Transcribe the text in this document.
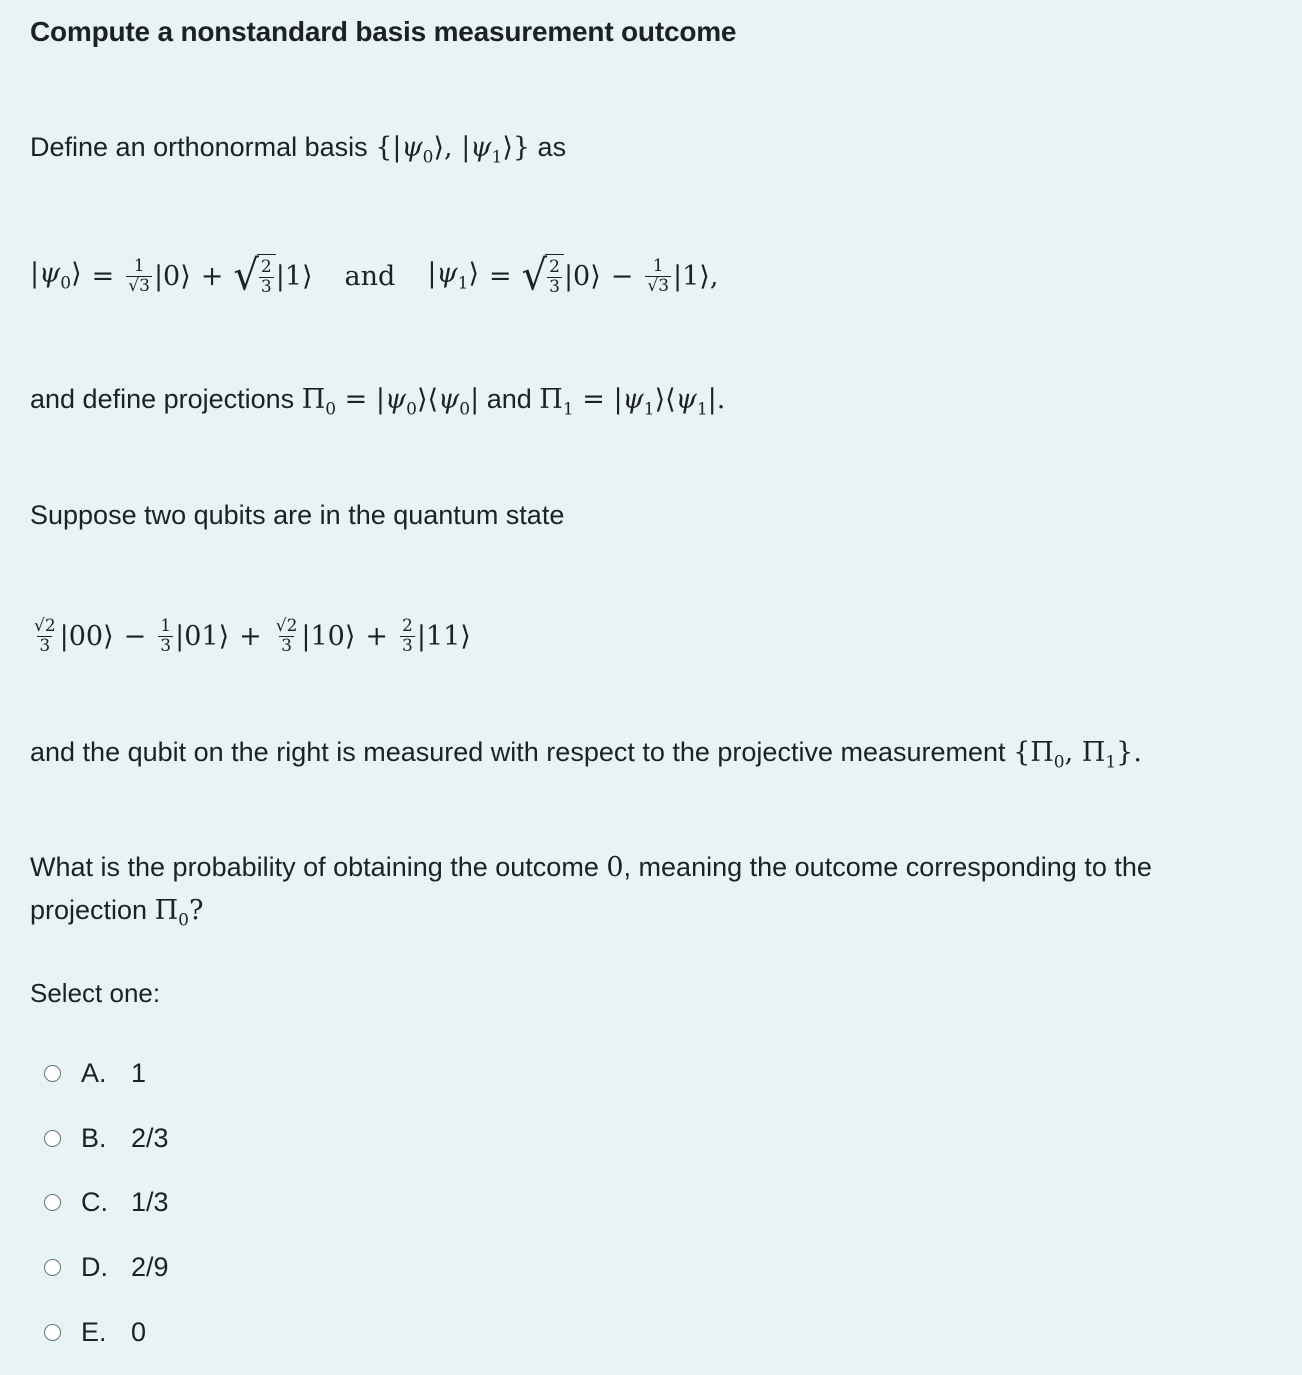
Compute a nonstandard basis measurement outcome
Define an orthonormal basis {$|\psi_0⟩$, $|\psi_1⟩$} as
$|\psi_0⟩ = \frac{1}{√3}$ |0⟩ + √ $\frac{2}{3}$ |1⟩ and $|\psi_1⟩$ = √ $\frac{2}{3}$ |0⟩ − $\frac{1}{√3}$ |1⟩,
and define projections $\Pi_0$ = $|\psi_0⟩⟨\psi_0|$ and $\Pi_1$ = $|\psi_1⟩⟨\psi_1|$.
Suppose two qubits are in the quantum state
$\frac{√2}{3}$ |00⟩ − $\frac{1}{3}$ |01⟩ + $\frac{√2}{3}$ |10⟩ + $\frac{2}{3}$ |11⟩
and the qubit on the right is measured with respect to the projective measurement {$\Pi_0$, $\Pi_1$}.
What is the probability of obtaining the outcome 0, meaning the outcome corresponding to the
projection $\Pi_0$?
Select one:
A. 1
B. 2/3
C. 1/3
D. 2/9
E. 0
